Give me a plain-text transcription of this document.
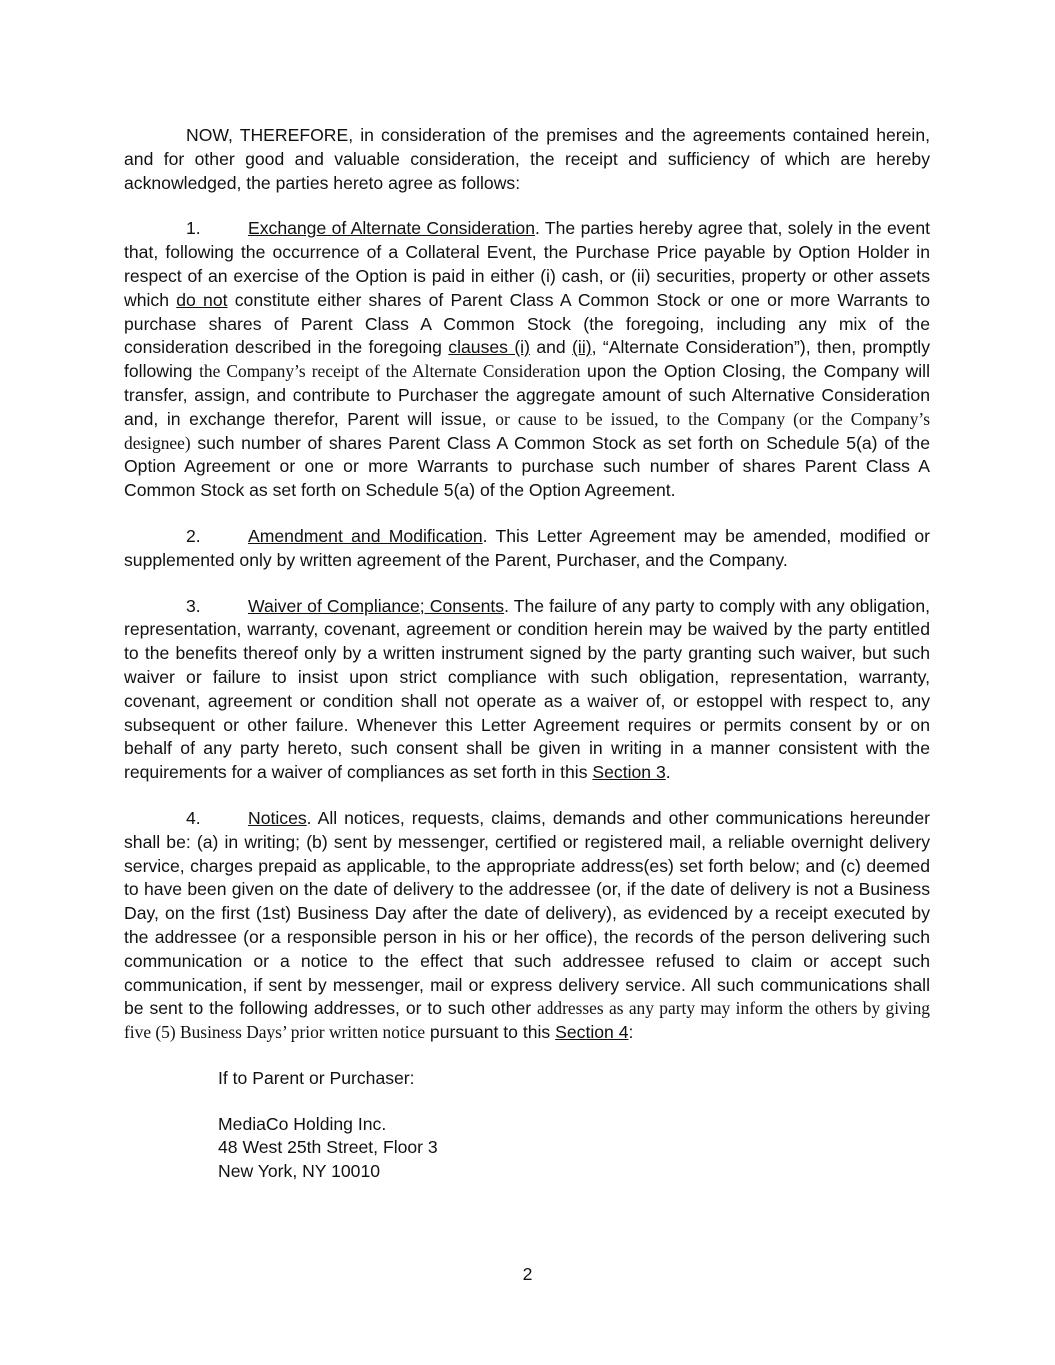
NOW, THEREFORE, in consideration of the premises and the agreements contained herein, and for other good and valuable consideration, the receipt and sufficiency of which are hereby acknowledged, the parties hereto agree as follows:

1.	Exchange of Alternate Consideration. The parties hereby agree that, solely in the event that, following the occurrence of a Collateral Event, the Purchase Price payable by Option Holder in respect of an exercise of the Option is paid in either (i) cash, or (ii) securities, property or other assets which do not constitute either shares of Parent Class A Common Stock or one or more Warrants to purchase shares of Parent Class A Common Stock (the foregoing, including any mix of the consideration described in the foregoing clauses (i) and (ii), “Alternate Consideration”), then, promptly following the Company’s receipt of the Alternate Consideration upon the Option Closing, the Company will transfer, assign, and contribute to Purchaser the aggregate amount of such Alternative Consideration and, in exchange therefor, Parent will issue, or cause to be issued, to the Company (or the Company’s designee) such number of shares Parent Class A Common Stock as set forth on Schedule 5(a) of the Option Agreement or one or more Warrants to purchase such number of shares Parent Class A Common Stock as set forth on Schedule 5(a) of the Option Agreement.

2.	Amendment and Modification. This Letter Agreement may be amended, modified or supplemented only by written agreement of the Parent, Purchaser, and the Company.

3.	Waiver of Compliance; Consents. The failure of any party to comply with any obligation, representation, warranty, covenant, agreement or condition herein may be waived by the party entitled to the benefits thereof only by a written instrument signed by the party granting such waiver, but such waiver or failure to insist upon strict compliance with such obligation, representation, warranty, covenant, agreement or condition shall not operate as a waiver of, or estoppel with respect to, any subsequent or other failure. Whenever this Letter Agreement requires or permits consent by or on behalf of any party hereto, such consent shall be given in writing in a manner consistent with the requirements for a waiver of compliances as set forth in this Section 3.

4.	Notices. All notices, requests, claims, demands and other communications hereunder shall be: (a) in writing; (b) sent by messenger, certified or registered mail, a reliable overnight delivery service, charges prepaid as applicable, to the appropriate address(es) set forth below; and (c) deemed to have been given on the date of delivery to the addressee (or, if the date of delivery is not a Business Day, on the first (1st) Business Day after the date of delivery), as evidenced by a receipt executed by the addressee (or a responsible person in his or her office), the records of the person delivering such communication or a notice to the effect that such addressee refused to claim or accept such communication, if sent by messenger, mail or express delivery service. All such communications shall be sent to the following addresses, or to such other addresses as any party may inform the others by giving five (5) Business Days’ prior written notice pursuant to this Section 4:

If to Parent or Purchaser:
MediaCo Holding Inc.
48 West 25th Street, Floor 3
New York, NY 10010
2
